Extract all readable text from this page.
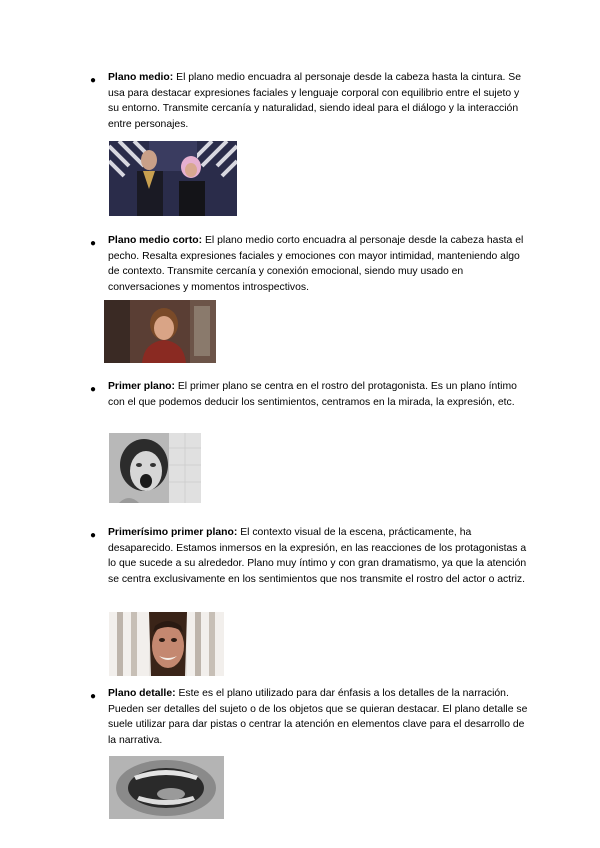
● Plano medio: El plano medio encuadra al personaje desde la cabeza hasta la cintura. Se usa para destacar expresiones faciales y lenguaje corporal con equilibrio entre el sujeto y su entorno. Transmite cercanía y naturalidad, siendo ideal para el diálogo y la interacción entre personajes.
● Plano medio corto: El plano medio corto encuadra al personaje desde la cabeza hasta el pecho. Resalta expresiones faciales y emociones con mayor intimidad, manteniendo algo de contexto. Transmite cercanía y conexión emocional, siendo muy usado en conversaciones y momentos introspectivos.
● Primer plano: El primer plano se centra en el rostro del protagonista. Es un plano íntimo con el que podemos deducir los sentimientos, centramos en la mirada, la expresión, etc.
● Primerísimo primer plano: El contexto visual de la escena, prácticamente, ha desaparecido. Estamos inmersos en la expresión, en las reacciones de los protagonistas a lo que sucede a su alrededor. Plano muy íntimo y con gran dramatismo, ya que la atención se centra exclusivamente en los sentimientos que nos transmite el rostro del actor o actriz.
● Plano detalle: Este es el plano utilizado para dar énfasis a los detalles de la narración. Pueden ser detalles del sujeto o de los objetos que se quieran destacar. El plano detalle se suele utilizar para dar pistas o centrar la atención en elementos clave para el desarrollo de la narrativa.
